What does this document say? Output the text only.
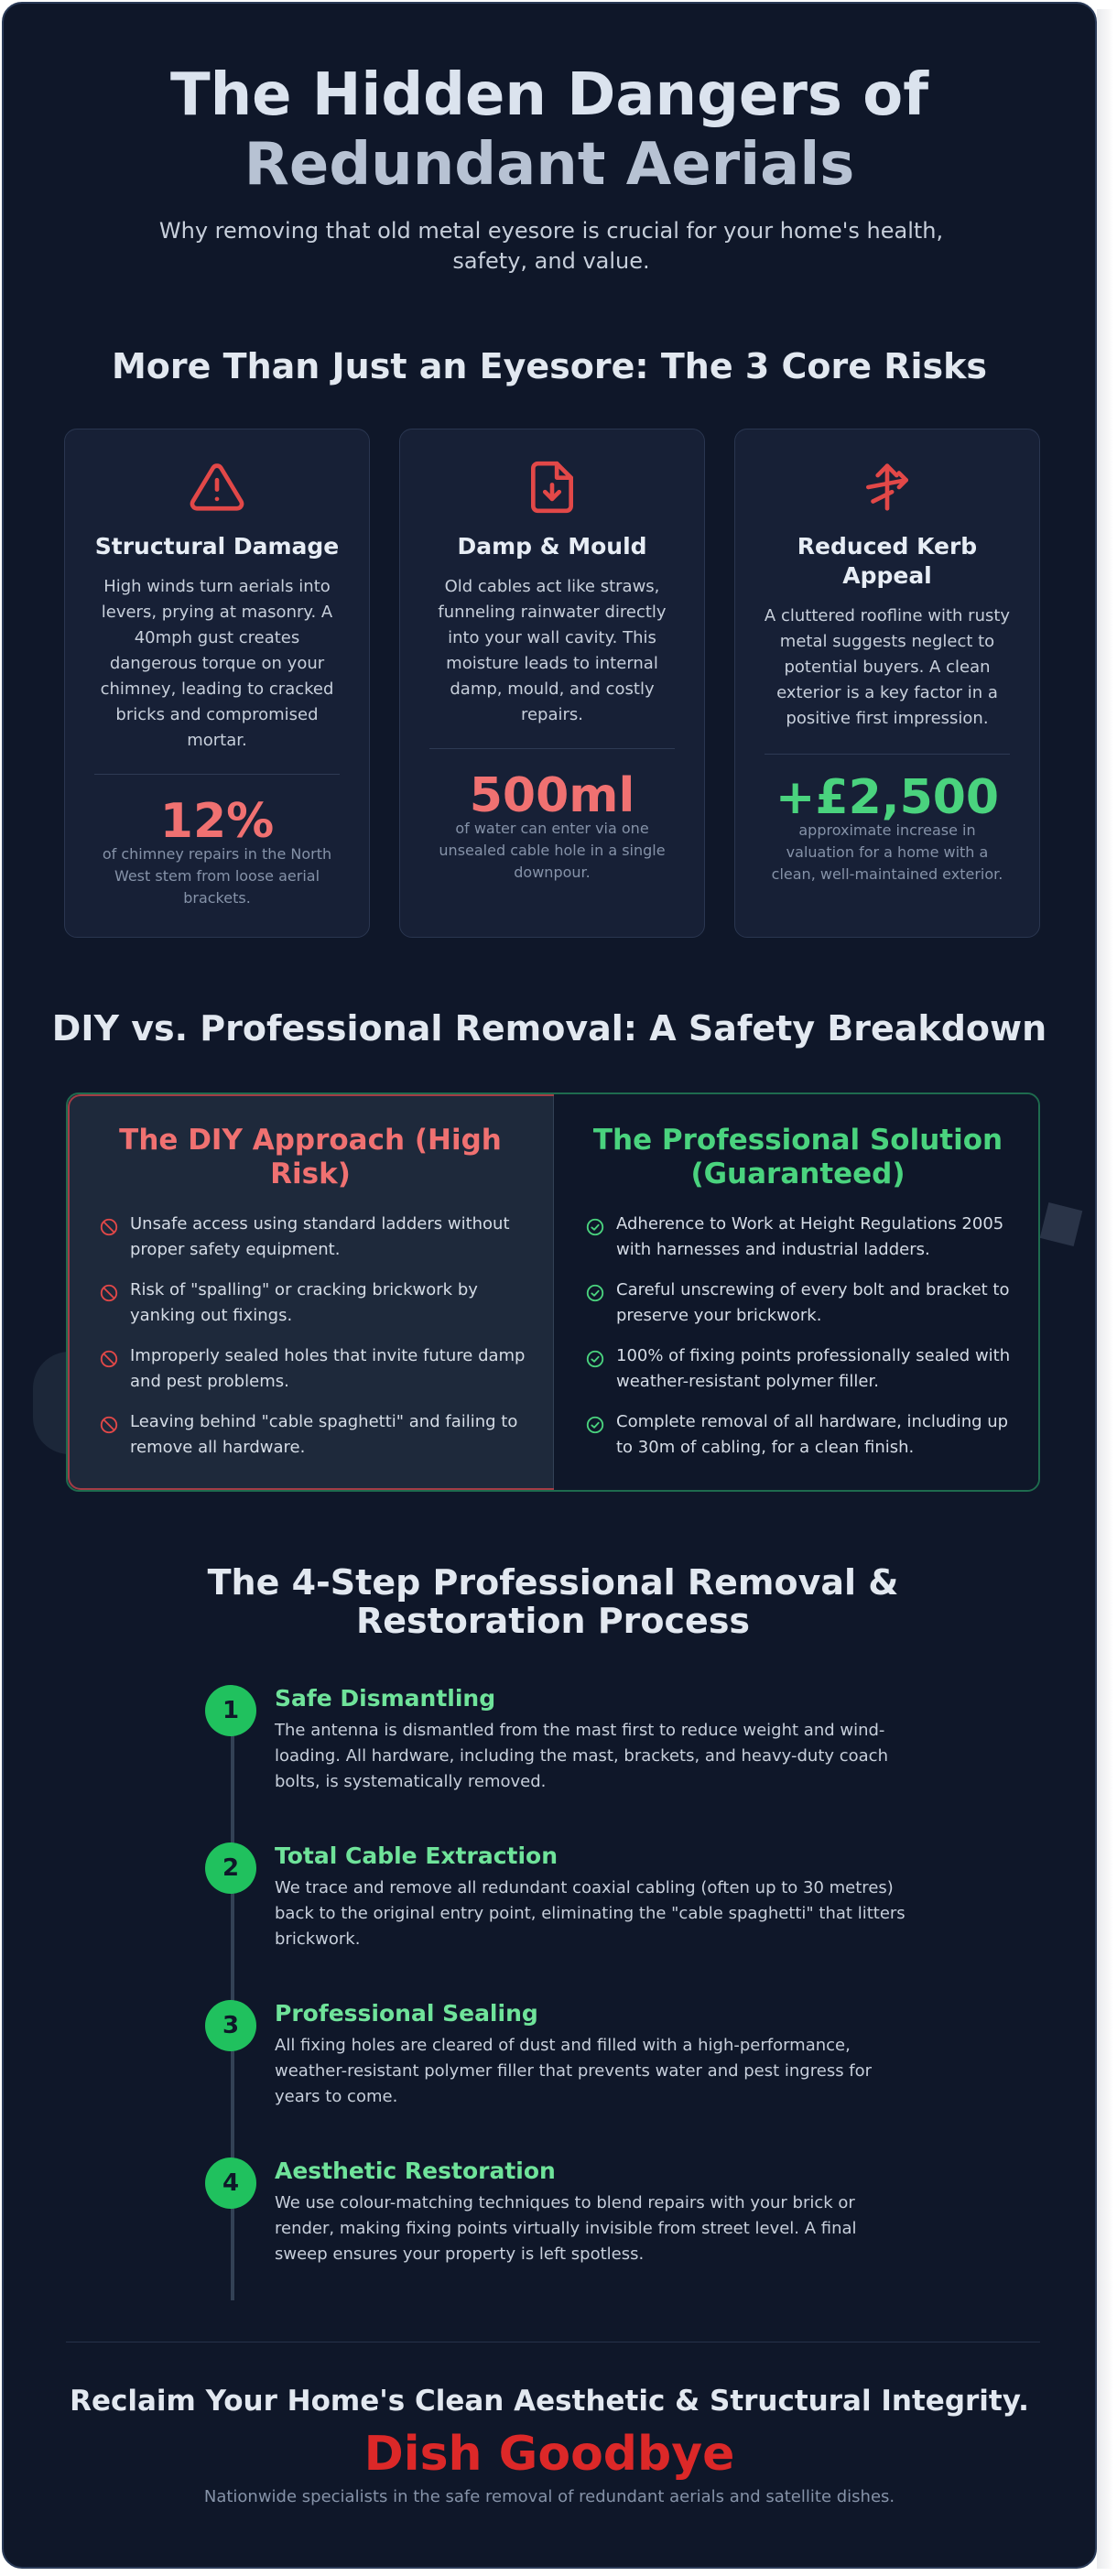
The Hidden Dangers of
Redundant Aerials

Why removing that old metal eyesore is crucial for your home's health, safety, and value.

More Than Just an Eyesore: The 3 Core Risks
Structural Damage

High winds turn aerials into levers, prying at masonry. A 40mph gust creates dangerous torque on your chimney, leading to cracked bricks and compromised mortar.

12%

of chimney repairs in the North West stem from loose aerial brackets.

Damp & Mould

Old cables act like straws, funneling rainwater directly into your wall cavity. This moisture leads to internal damp, mould, and costly repairs.

500ml

of water can enter via one unsealed cable hole in a single downpour.

Reduced Kerb Appeal

A cluttered roofline with rusty metal suggests neglect to potential buyers. A clean exterior is a key factor in a positive first impression.

+£2,500

approximate increase in valuation for a home with a clean, well-maintained exterior.

DIY vs. Professional Removal: A Safety Breakdown
The DIY Approach (High Risk)
Unsafe access using standard ladders without proper safety equipment.
Risk of "spalling" or cracking brickwork by yanking out fixings.
Improperly sealed holes that invite future damp and pest problems.
Leaving behind "cable spaghetti" and failing to remove all hardware.
The Professional Solution (Guaranteed)
Adherence to Work at Height Regulations 2005 with harnesses and industrial ladders.
Careful unscrewing of every bolt and bracket to preserve your brickwork.
100% of fixing points professionally sealed with weather-resistant polymer filler.
Complete removal of all hardware, including up to 30m of cabling, for a clean finish.
The 4-Step Professional Removal & Restoration Process
1	Safe Dismantling

The antenna is dismantled from the mast first to reduce weight and wind-loading. All hardware, including the mast, brackets, and heavy-duty coach bolts, is systematically removed.

2	Total Cable Extraction

We trace and remove all redundant coaxial cabling (often up to 30 metres) back to the original entry point, eliminating the "cable spaghetti" that litters brickwork.

3	Professional Sealing

All fixing holes are cleared of dust and filled with a high-performance, weather-resistant polymer filler that prevents water and pest ingress for years to come.

4	Aesthetic Restoration

We use colour-matching techniques to blend repairs with your brick or render, making fixing points virtually invisible from street level. A final sweep ensures your property is left spotless.

Reclaim Your Home's Clean Aesthetic & Structural Integrity.
Dish Goodbye
Nationwide specialists in the safe removal of redundant aerials and satellite dishes.
